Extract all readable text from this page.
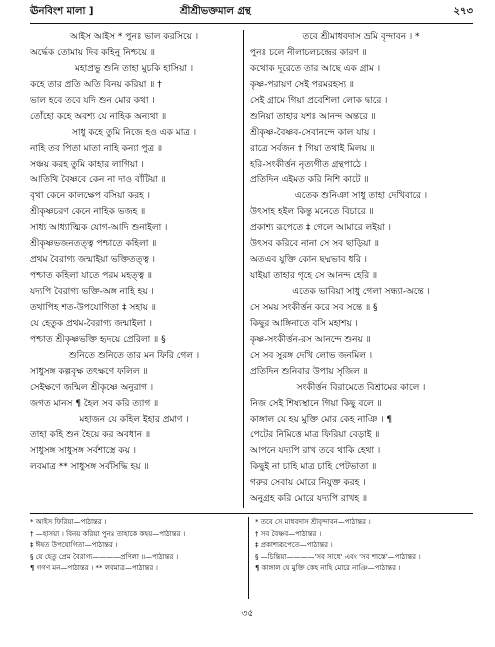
ঊনবিংশ মালা ]	শ্রীশ্রীভক্তমাল গ্রন্থ	২৭৩
আইস আইস * পুনঃ ভাল করসিয়ে ।
অর্দ্ধেক তোমায় দিব কহিনু নিশ্চয়ে ॥
মহাপ্রভু শুনি তাহা মুচকি হাসিয়া ।
কহে তার প্রতি অতি বিনয় করিয়া ॥ †
ভাল হবে তবে যদি শুন মোর কথা ।
তোঁহো কহে অবশ্য যে নাহিক অন্যথা ॥
সাধু কহে তুমি নিজে হও এক মাত্র ।
নাহি তব পিতা মাতা নাহি কন্যা পুত্র ॥
সঞ্চয় করহ তুমি কাহার লাগিয়া ।
আতিথি বৈষ্ণবে কেন না দাও বাঁটিয়া ॥
বৃথা কেনে কালক্ষেপ বসিয়া করহ ।
শ্রীকৃষ্ণচরণ কেনে নাহিক ভজহ ॥
সাধ্য আধ্যাত্মিক যোগ-আদি শুনাইলা ।
শ্রীকৃষ্ণভজনতত্ত্ব পশ্চাতে কহিলা ॥
প্রথম বৈরাগ্য জন্মাইয়া ভক্তিতত্ত্ব ।
পশ্চাত কহিলা যাতে পরম মহত্ত্ব ॥
যদ্যপি বৈরাগ্য ভক্তি-অঙ্গ নাহি হয় ।
তথাপিহ শত-উপযোগিতা ‡ সহায় ॥
যে হেতুক প্রথম-বৈরাগ্য জন্মাইলা ।
পশ্চাত শ্রীকৃষ্ণভক্তি হৃদয়ে প্রেরিলা ॥ §
শুনিতে শুনিতে তার মন ফিরি গেল ।
সাধুসঙ্গ কল্পবৃক্ষ তৎক্ষণে ফলিল ॥
সেইক্ষণে জন্মিল শ্রীকৃষ্ণে অনুরাগ ।
জগত মানস ¶ হৈল সব করি ত্যাগ ॥
মহাজন যে কহিল ইহার প্রমাণ ।
তাহা কহি শুন হৈয়ে কর অবধান ॥
সাধুসঙ্গ সাধুসঙ্গ সর্বশাস্ত্রে কয় ।
লবমাত্র ** সাধুসঙ্গ সর্বসিদ্ধি হয় ॥
তবে শ্রীমাধবদাস ভ্রমি বৃন্দাবন । *
পুনঃ চলে নীলাচলচন্দ্রের কারণ ॥
কথোক দূরেতে তার আছে এক গ্রাম ।
কৃষ্ণ-পরায়ণ সেই পরমরহস্য ॥
সেই গ্রামে গিয়া প্রবেশিলা লোক দ্বারে ।
শুনিয়া তাহার যশঃ আনন্দ অন্তরে ॥
শ্রীকৃষ্ণ-বৈষ্ণব-সেবানন্দে কাল যায় ।
রাত্রে সর্বজন † গিয়া তথাই মিলয় ॥
হরি-সংকীর্ত্তন নৃত্যগীত গ্রন্থপাঠে ।
প্রতিদিন এইমত করি নিশি কাটে ॥
এতেক শুনিঞা সাধু তাহা দেখিবারে ।
উৎসাহ হইল কিন্তু মনেতে বিচারে ॥
প্রকাশ্য রূপেতে ‡ গেলে আমারে লইয়া ।
উৎসব করিবে নানা সে সব ছাড়িয়া ॥
অতএব যুক্তি কোন ছদ্মভাব ধরি ।
যাইয়া তাহার গৃহে সে আনন্দ হেরি ॥
এতেক ভাবিয়া সাধু গেলা সন্ধ্যা-অন্তে ।
সে সময় সংকীর্ত্তন করে সব সন্তে ॥ §
কিছুর আঙ্গিনাতে বসি মহাশয় ।
কৃষ্ণ-সংকীর্ত্তন-রস আনন্দে শুনয় ॥
সে সব সুরঙ্গ দেখি লোভ জনমিল ।
প্রতিদিন শুনিবার উপায় সৃজিল ॥
সংকীর্ত্তন বিরামেতে বিশ্রামের কালে ।
নিজ সেই শিষ্যস্থানে গিয়া কিছু বলে ॥
কাঙ্গাল যে হয় মুক্তি মোর কেহ নাঞি । ¶
পেটের নিমিত্তে মাত্র ফিরিয়া বেড়াই ॥
আপনে যদ্যপি রাখ তবে থাকি হেথা ।
কিছুই না চাহি মাত্র চাহি পেটভাতা ॥
গরুর সেবায় মোরে নিযুক্ত করহ ।
অনুগ্রহ করি মোরে যদ্যপি রাখহ ॥
* আইস ফিরিয়া—পাঠান্তর ।
† —হাসয়া । বিনয় করিয়া পুনঃ তাহাকে কহয়—পাঠান্তর ।
‡ ঈষত উপযোগিতা—পাঠান্তর ।
§ যে হেতু প্রেম বৈরাগ্য————প্রণিলা ॥—পাঠান্তর ।
¶ গগণ মন—পাঠান্তর । ** লবমাত্র—পাঠান্তর ।
* তবে সে মাধবদাস শ্রীবৃন্দাবন—পাঠান্তর ।
† সব বৈষ্ণব—পাঠান্তর ।
‡ প্রকাশ্যরূপেতে—পাঠান্তর ।
§ —চিন্তিয়া————'সব সাধে' এবং 'সব শাস্তে'—পাঠান্তর ।
¶ কাঙ্গাল যে মুক্তি কেহ নাহি মোরে নাঞি—পাঠান্তর ।
৩৫
